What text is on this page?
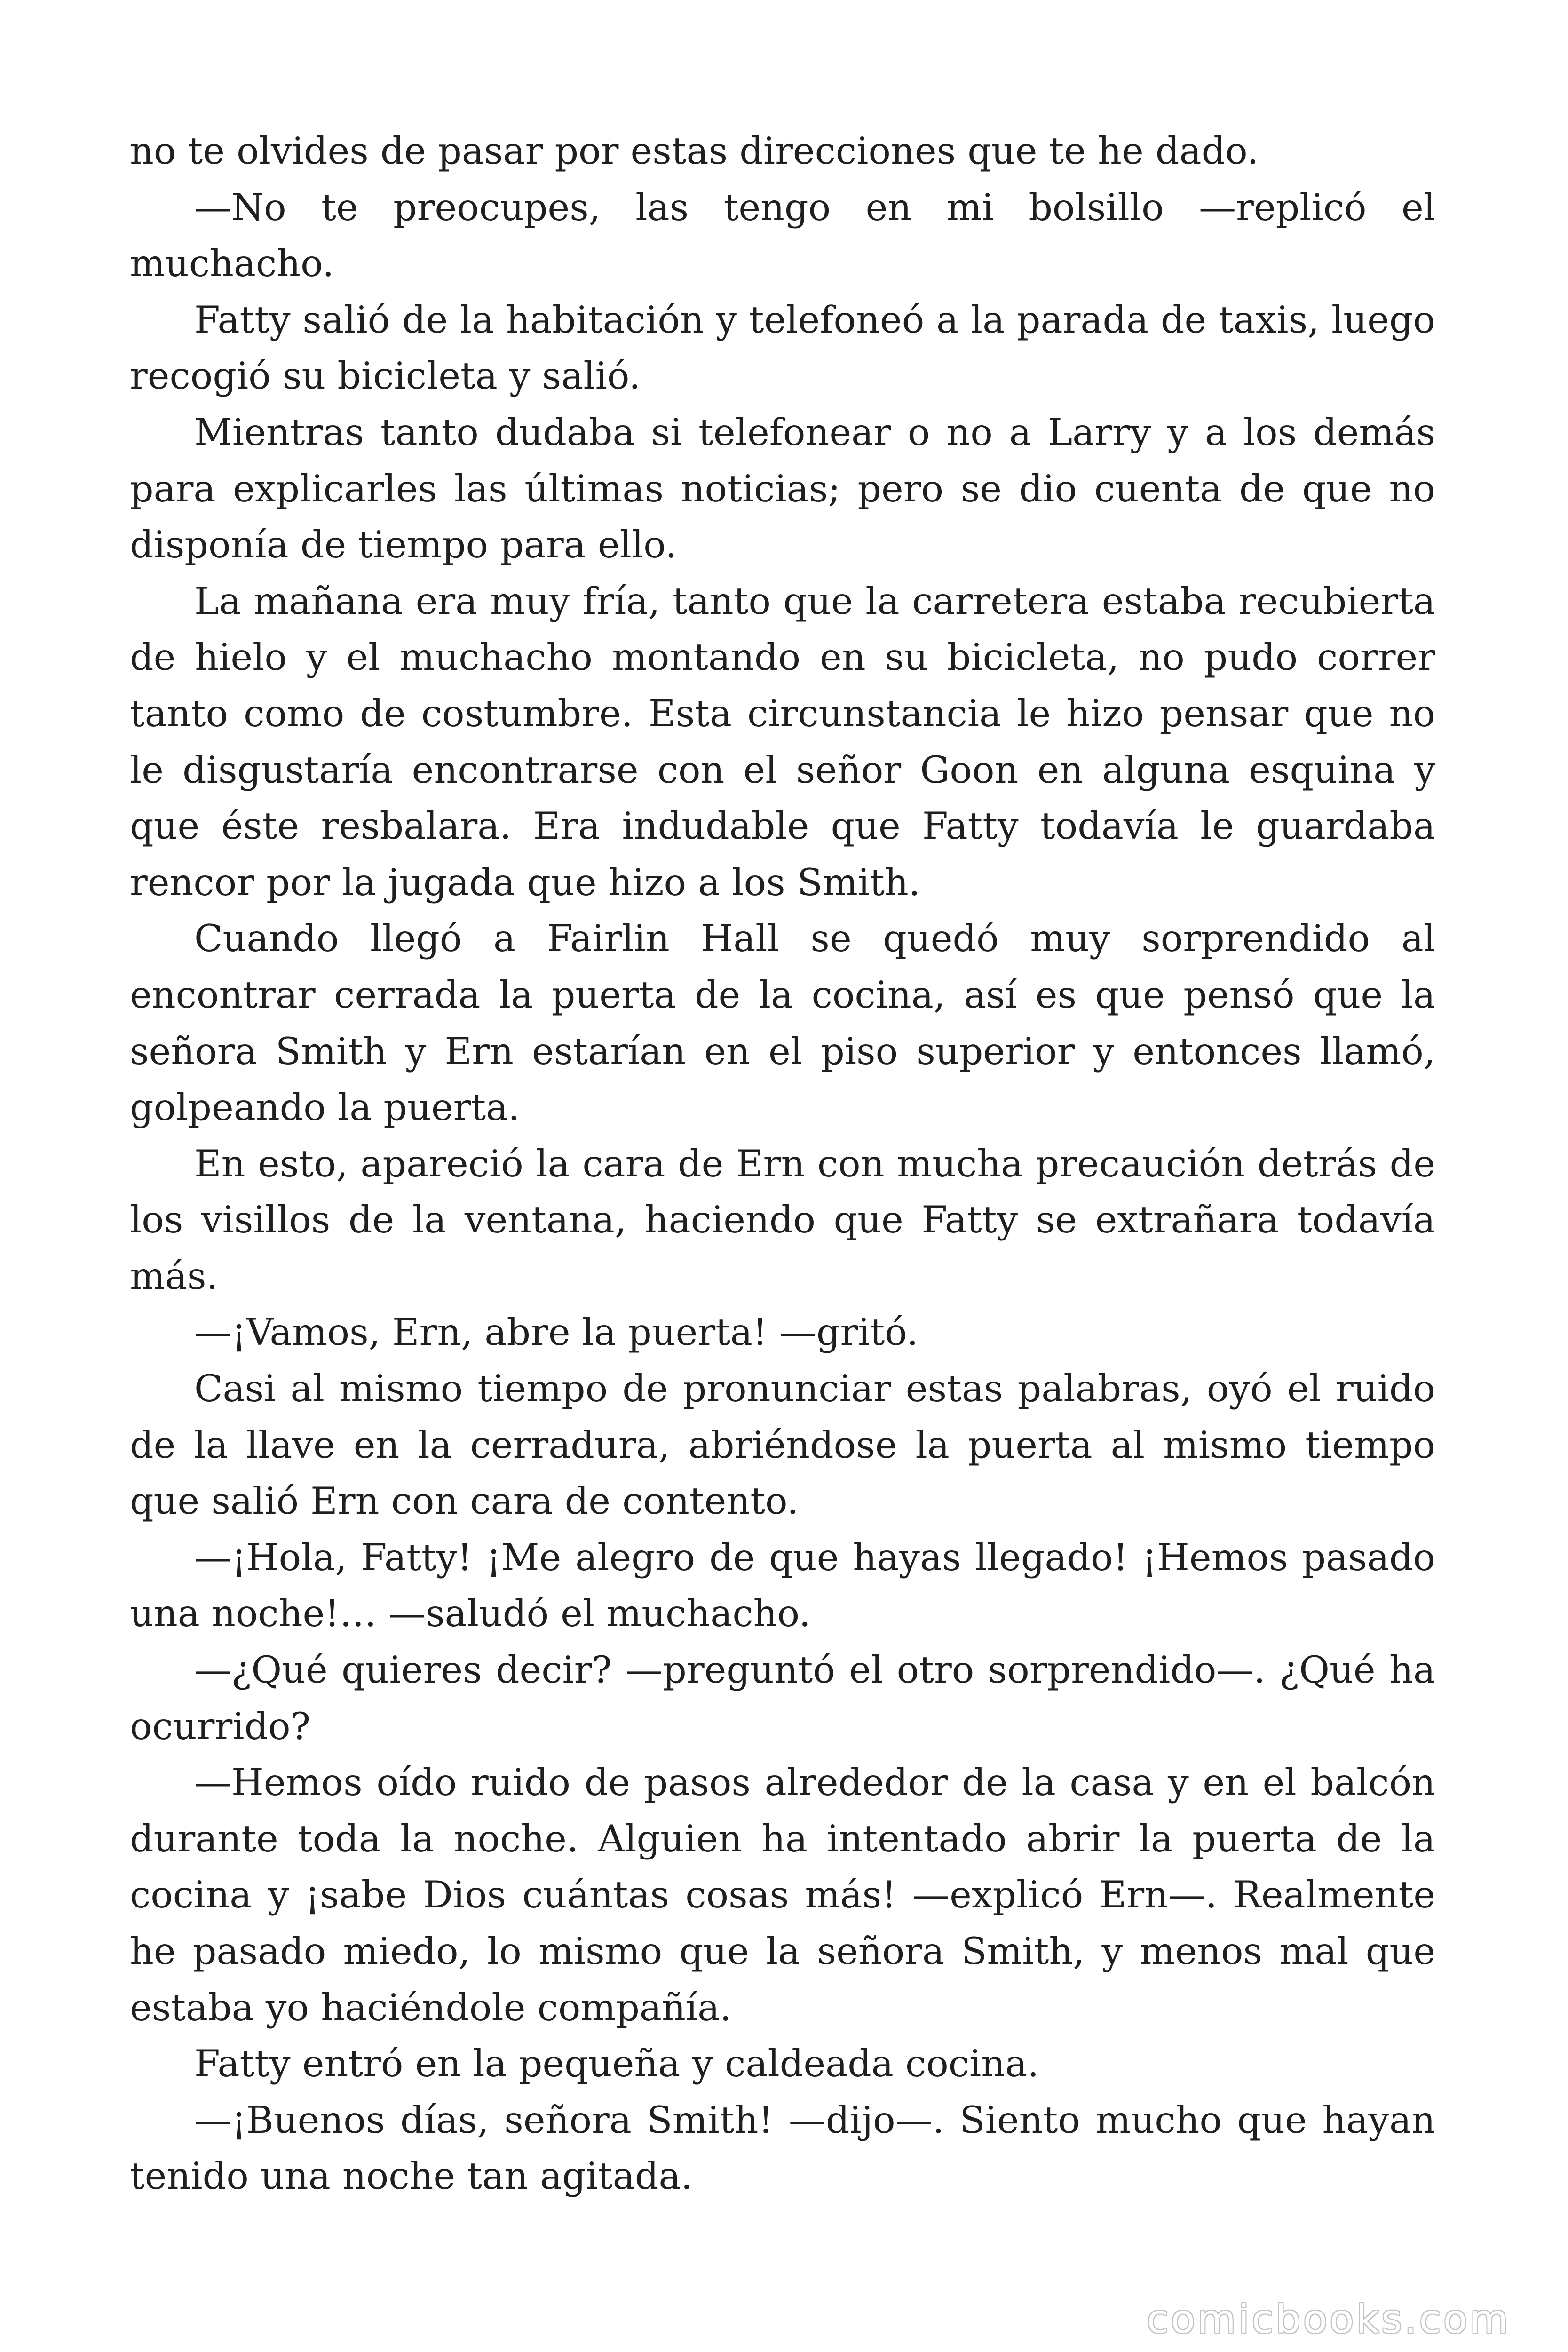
no te olvides de pasar por estas direcciones que te he dado.

—No te preocupes, las tengo en mi bolsillo —replicó el muchacho.

Fatty salió de la habitación y telefoneó a la parada de taxis, luego recogió su bicicleta y salió.

Mientras tanto dudaba si telefonear o no a Larry y a los demás para explicarles las últimas noticias; pero se dio cuenta de que no disponía de tiempo para ello.

La mañana era muy fría, tanto que la carretera estaba recubierta de hielo y el muchacho montando en su bicicleta, no pudo correr tanto como de costumbre. Esta circunstancia le hizo pensar que no le disgustaría encontrarse con el señor Goon en alguna esquina y que éste resbalara. Era indudable que Fatty todavía le guardaba rencor por la jugada que hizo a los Smith.

Cuando llegó a Fairlin Hall se quedó muy sorprendido al encontrar cerrada la puerta de la cocina, así es que pensó que la señora Smith y Ern estarían en el piso superior y entonces llamó, golpeando la puerta.

En esto, apareció la cara de Ern con mucha precaución detrás de los visillos de la ventana, haciendo que Fatty se extrañara todavía más.

—¡Vamos, Ern, abre la puerta! —gritó.

Casi al mismo tiempo de pronunciar estas palabras, oyó el ruido de la llave en la cerradura, abriéndose la puerta al mismo tiempo que salió Ern con cara de contento.

—¡Hola, Fatty! ¡Me alegro de que hayas llegado! ¡Hemos pasado una noche!… —saludó el muchacho.

—¿Qué quieres decir? —preguntó el otro sorprendido—. ¿Qué ha ocurrido?

—Hemos oído ruido de pasos alrededor de la casa y en el balcón durante toda la noche. Alguien ha intentado abrir la puerta de la cocina y ¡sabe Dios cuántas cosas más! —explicó Ern—. Realmente he pasado miedo, lo mismo que la señora Smith, y menos mal que estaba yo haciéndole compañía.

Fatty entró en la pequeña y caldeada cocina.

—¡Buenos días, señora Smith! —dijo—. Siento mucho que hayan tenido una noche tan agitada.

comicbooks.com
